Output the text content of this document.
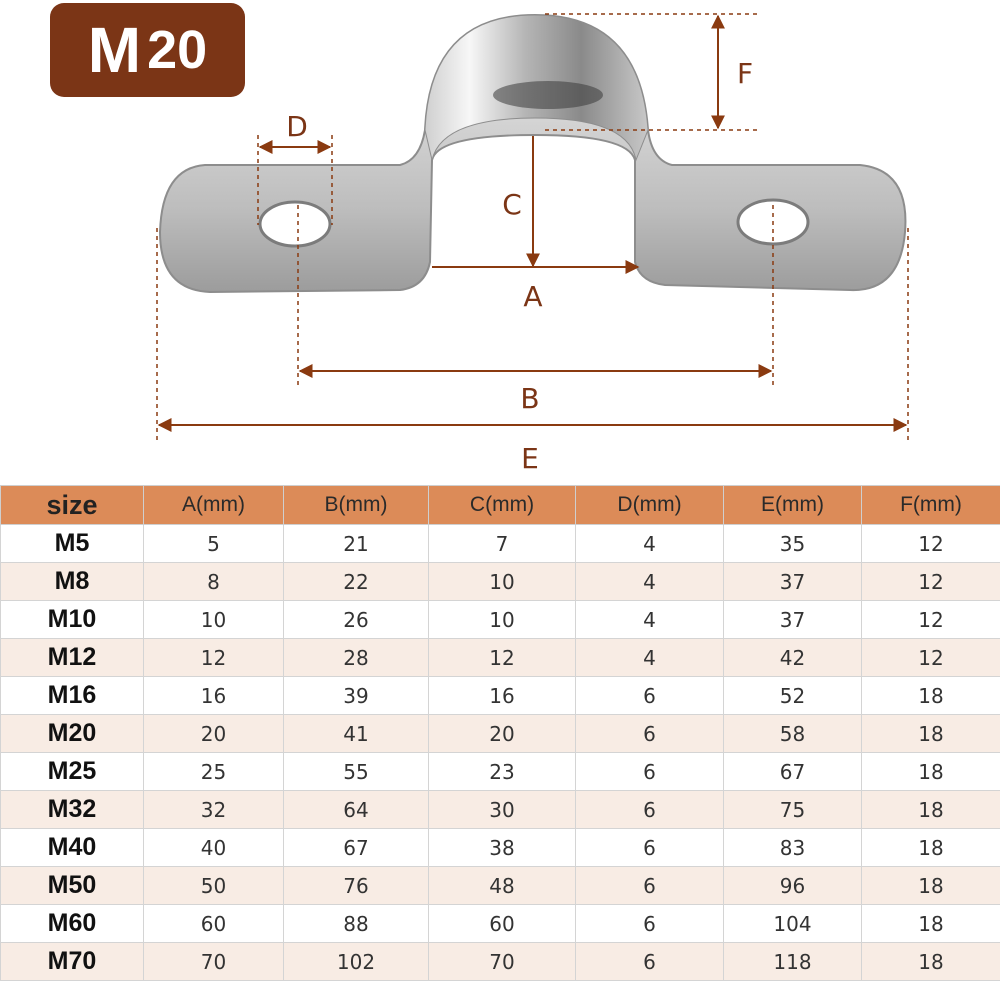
M 20
D
F
C
A
B
E
size	A(mm)	B(mm)	C(mm)	D(mm)	E(mm)	F(mm)
M5	5	21	7	4	35	12
M8	8	22	10	4	37	12
M10	10	26	10	4	37	12
M12	12	28	12	4	42	12
M16	16	39	16	6	52	18
M20	20	41	20	6	58	18
M25	25	55	23	6	67	18
M32	32	64	30	6	75	18
M40	40	67	38	6	83	18
M50	50	76	48	6	96	18
M60	60	88	60	6	104	18
M70	70	102	70	6	118	18
